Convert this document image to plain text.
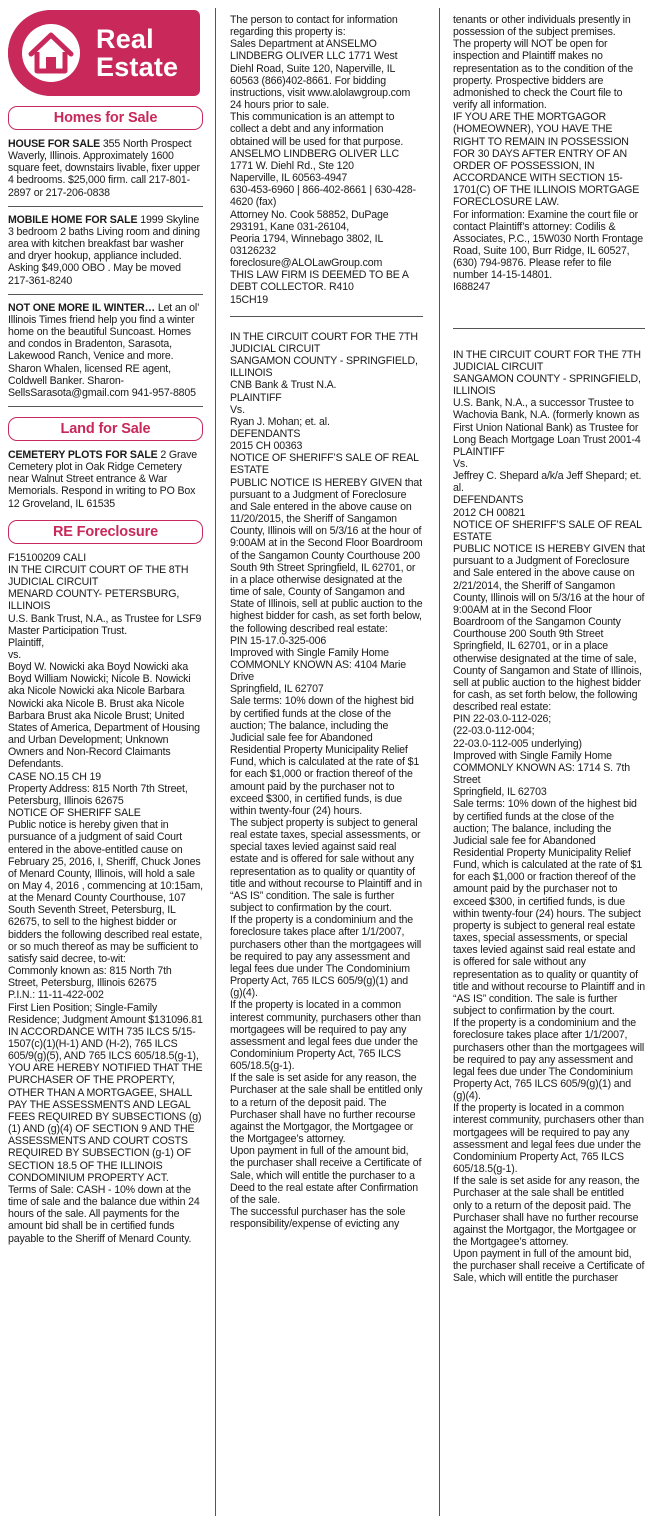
Real
Estate
Homes for Sale
HOUSE FOR SALE 355 North Prospect Waverly, Illinois. Approximately 1600 square feet, downstairs livable, fixer upper 4 bedrooms. $25,000 firm. call 217-801-2897 or 217-206-0838
MOBILE HOME FOR SALE 1999 Skyline 3 bedroom 2 baths Living room and dining area with kitchen breakfast bar washer and dryer hookup, appliance included. Asking $49,000 OBO . May be moved 217-361-8240
NOT ONE MORE IL WINTER… Let an ol’ Illinois Times friend help you find a winter home on the beautiful Suncoast. Homes and condos in Bradenton, Sarasota, Lakewood Ranch, Venice and more. Sharon Whalen, licensed RE agent, Coldwell Banker. Sharon-SellsSarasota@gmail.com 941-957-8805
Land for Sale
CEMETERY PLOTS FOR SALE 2 Grave Cemetery plot in Oak Ridge Cemetery near Walnut Street entrance & War Memorials. Respond in writing to PO Box 12 Groveland, IL 61535
RE Foreclosure
F15100209 CALI
IN THE CIRCUIT COURT OF THE 8TH JUDICIAL CIRCUIT
MENARD COUNTY- PETERSBURG, ILLINOIS
U.S. Bank Trust, N.A., as Trustee for LSF9 Master Participation Trust.
Plaintiff,
vs.
Boyd W. Nowicki aka Boyd Nowicki aka Boyd William Nowicki; Nicole B. Nowicki aka Nicole Nowicki aka Nicole Barbara Nowicki aka Nicole B. Brust aka Nicole Barbara Brust aka Nicole Brust; United States of America, Department of Housing and Urban Development; Unknown Owners and Non-Record Claimants
Defendants.
CASE NO.15 CH 19
Property Address: 815 North 7th Street, Petersburg, Illinois 62675
NOTICE OF SHERIFF SALE
Public notice is hereby given that in pursuance of a judgment of said Court entered in the above-entitled cause on February 25, 2016, I, Sheriff, Chuck Jones of Menard County, Illinois, will hold a sale on May 4, 2016 , commencing at 10:15am, at the Menard County Courthouse, 107 South Seventh Street, Petersburg, IL 62675, to sell to the highest bidder or bidders the following described real estate, or so much thereof as may be sufficient to satisfy said decree, to-wit:
Commonly known as: 815 North 7th Street, Petersburg, Illinois 62675
P.I.N.: 11-11-422-002
First Lien Position; Single-Family Residence; Judgment Amount $131096.81
IN ACCORDANCE WITH 735 ILCS 5/15-1507(c)(1)(H-1) AND (H-2), 765 ILCS 605/9(g)(5), AND 765 ILCS 605/18.5(g-1), YOU ARE HEREBY NOTIFIED THAT THE PURCHASER OF THE PROPERTY, OTHER THAN A MORTGAGEE, SHALL PAY THE ASSESSMENTS AND LEGAL FEES REQUIRED BY SUBSECTIONS (g)(1) AND (g)(4) OF SECTION 9 AND THE ASSESSMENTS AND COURT COSTS REQUIRED BY SUBSECTION (g-1) OF SECTION 18.5 OF THE ILLINOIS CONDOMINIUM PROPERTY ACT.
Terms of Sale: CASH - 10% down at the time of sale and the balance due within 24 hours of the sale. All payments for the amount bid shall be in certified funds payable to the Sheriff of Menard County.
The person to contact for information regarding this property is:
Sales Department at ANSELMO LINDBERG OLIVER LLC 1771 West Diehl Road, Suite 120, Naperville, IL 60563 (866)402-8661. For bidding instructions, visit www.alolawgroup.com 24 hours prior to sale.
This communication is an attempt to collect a debt and any information obtained will be used for that purpose.
ANSELMO LINDBERG OLIVER LLC
1771 W. Diehl Rd., Ste 120
Naperville, IL 60563-4947
630-453-6960 | 866-402-8661 | 630-428-4620 (fax)
Attorney No. Cook 58852, DuPage 293191, Kane 031-26104,
Peoria 1794, Winnebago 3802, IL 03126232
foreclosure@ALOLawGroup.com
THIS LAW FIRM IS DEEMED TO BE A DEBT COLLECTOR. R410
15CH19
IN THE CIRCUIT COURT FOR THE 7TH JUDICIAL CIRCUIT
SANGAMON COUNTY - SPRINGFIELD, ILLINOIS
CNB Bank & Trust N.A.
PLAINTIFF
Vs.
Ryan J. Mohan; et. al.
DEFENDANTS
2015 CH 00363
NOTICE OF SHERIFF’S SALE OF REAL ESTATE
PUBLIC NOTICE IS HEREBY GIVEN that pursuant to a Judgment of Foreclosure and Sale entered in the above cause on 11/20/2015, the Sheriff of Sangamon County, Illinois will on 5/3/16 at the hour of 9:00AM at in the Second Floor Boardroom of the Sangamon County Courthouse 200 South 9th Street Springfield, IL 62701, or in a place otherwise designated at the time of sale, County of Sangamon and State of Illinois, sell at public auction to the highest bidder for cash, as set forth below, the following described real estate:
PIN 15-17.0-325-006
Improved with Single Family Home
COMMONLY KNOWN AS: 4104 Marie Drive
Springfield, IL 62707
Sale terms: 10% down of the highest bid by certified funds at the close of the auction; The balance, including the Judicial sale fee for Abandoned Residential Property Municipality Relief Fund, which is calculated at the rate of $1 for each $1,000 or fraction thereof of the amount paid by the purchaser not to exceed $300, in certified funds, is due within twenty-four (24) hours.
The subject property is subject to general real estate taxes, special assessments, or special taxes levied against said real estate and is offered for sale without any representation as to quality or quantity of title and without recourse to Plaintiff and in “AS IS” condition. The sale is further subject to confirmation by the court.
If the property is a condominium and the foreclosure takes place after 1/1/2007, purchasers other than the mortgagees will be required to pay any assessment and legal fees due under The Condominium Property Act, 765 ILCS 605/9(g)(1) and (g)(4).
If the property is located in a common interest community, purchasers other than mortgagees will be required to pay any assessment and legal fees due under the Condominium Property Act, 765 ILCS 605/18.5(g-1).
If the sale is set aside for any reason, the Purchaser at the sale shall be entitled only to a return of the deposit paid. The Purchaser shall have no further recourse against the Mortgagor, the Mortgagee or the Mortgagee’s attorney.
Upon payment in full of the amount bid, the purchaser shall receive a Certificate of Sale, which will entitle the purchaser to a Deed to the real estate after Confirmation of the sale.
The successful purchaser has the sole responsibility/expense of evicting any
tenants or other individuals presently in possession of the subject premises.
The property will NOT be open for inspection and Plaintiff makes no representation as to the condition of the property. Prospective bidders are admonished to check the Court file to verify all information.
IF YOU ARE THE MORTGAGOR (HOMEOWNER), YOU HAVE THE RIGHT TO REMAIN IN POSSESSION FOR 30 DAYS AFTER ENTRY OF AN ORDER OF POSSESSION, IN ACCORDANCE WITH SECTION 15-1701(C) OF THE ILLINOIS MORTGAGE FORECLOSURE LAW.
For information: Examine the court file or contact Plaintiff’s attorney: Codilis & Associates, P.C., 15W030 North Frontage Road, Suite 100, Burr Ridge, IL 60527, (630) 794-9876. Please refer to file number 14-15-14801.
I688247
IN THE CIRCUIT COURT FOR THE 7TH JUDICIAL CIRCUIT
SANGAMON COUNTY - SPRINGFIELD, ILLINOIS
U.S. Bank, N.A., a successor Trustee to Wachovia Bank, N.A. (formerly known as First Union National Bank) as Trustee for Long Beach Mortgage Loan Trust 2001-4
PLAINTIFF
Vs.
Jeffrey C. Shepard a/k/a Jeff Shepard; et. al.
DEFENDANTS
2012 CH 00821
NOTICE OF SHERIFF’S SALE OF REAL ESTATE
PUBLIC NOTICE IS HEREBY GIVEN that pursuant to a Judgment of Foreclosure and Sale entered in the above cause on 2/21/2014, the Sheriff of Sangamon County, Illinois will on 5/3/16 at the hour of 9:00AM at in the Second Floor Boardroom of the Sangamon County Courthouse 200 South 9th Street Springfield, IL 62701, or in a place otherwise designated at the time of sale, County of Sangamon and State of Illinois, sell at public auction to the highest bidder for cash, as set forth below, the following described real estate:
PIN 22-03.0-112-026;
(22-03.0-112-004;
22-03.0-112-005 underlying)
Improved with Single Family Home
COMMONLY KNOWN AS: 1714 S. 7th Street
Springfield, IL 62703
Sale terms: 10% down of the highest bid by certified funds at the close of the auction; The balance, including the Judicial sale fee for Abandoned Residential Property Municipality Relief Fund, which is calculated at the rate of $1 for each $1,000 or fraction thereof of the amount paid by the purchaser not to exceed $300, in certified funds, is due within twenty-four (24) hours. The subject property is subject to general real estate taxes, special assessments, or special taxes levied against said real estate and is offered for sale without any representation as to quality or quantity of title and without recourse to Plaintiff and in “AS IS” condition. The sale is further subject to confirmation by the court.
If the property is a condominium and the foreclosure takes place after 1/1/2007, purchasers other than the mortgagees will be required to pay any assessment and legal fees due under The Condominium Property Act, 765 ILCS 605/9(g)(1) and (g)(4).
If the property is located in a common interest community, purchasers other than mortgagees will be required to pay any assessment and legal fees due under the Condominium Property Act, 765 ILCS 605/18.5(g-1).
If the sale is set aside for any reason, the Purchaser at the sale shall be entitled only to a return of the deposit paid. The Purchaser shall have no further recourse against the Mortgagor, the Mortgagee or the Mortgagee’s attorney.
Upon payment in full of the amount bid, the purchaser shall receive a Certificate of Sale, which will entitle the purchaser
